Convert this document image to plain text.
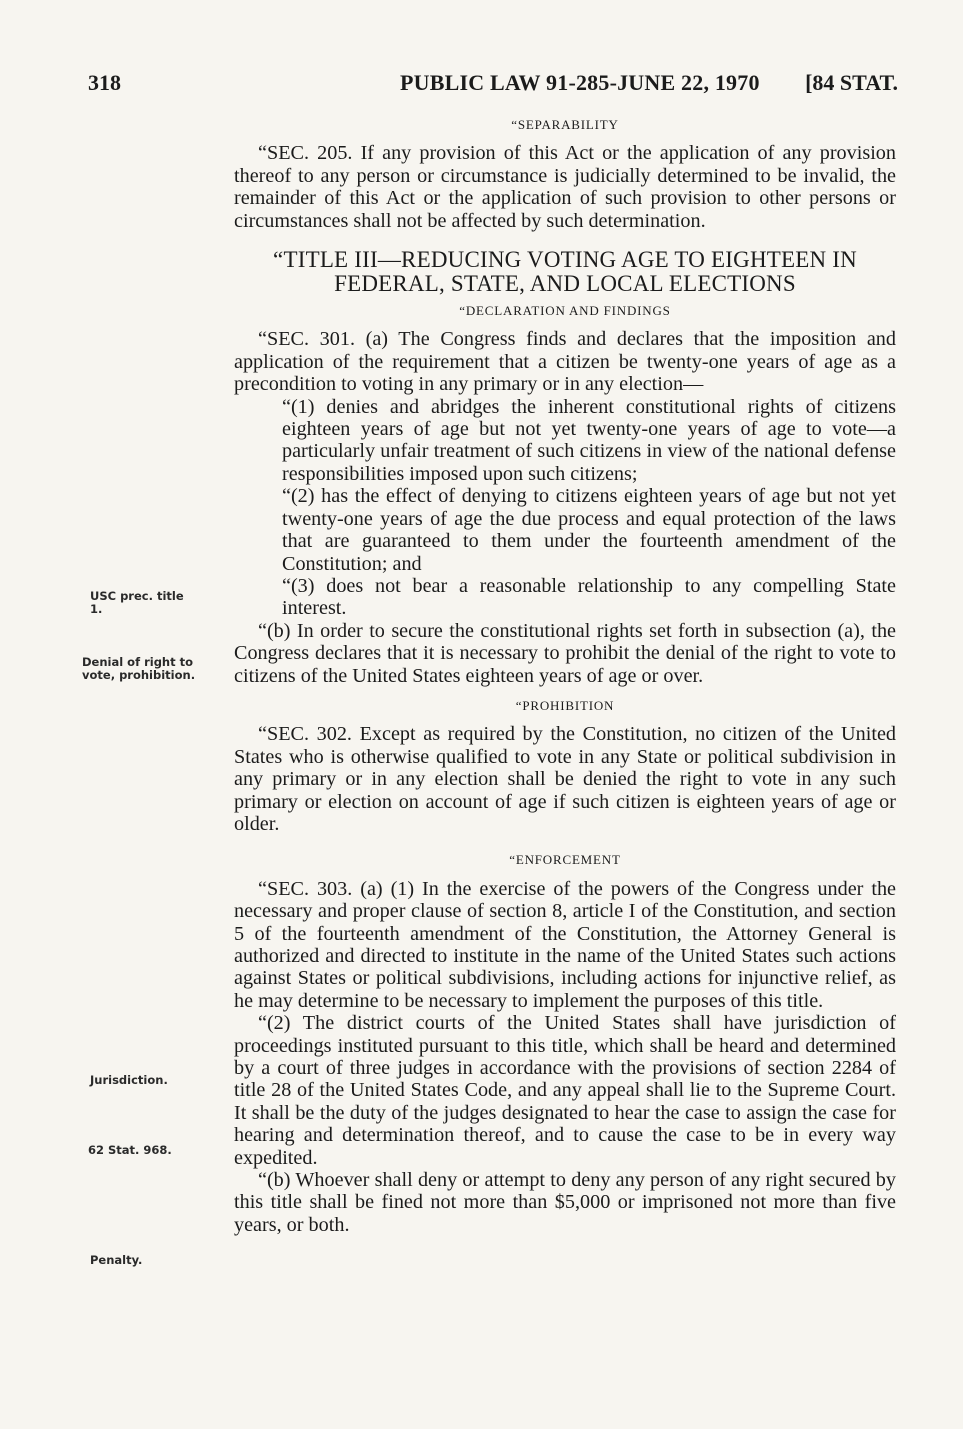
318	PUBLIC LAW 91-285-JUNE 22, 1970 [84 STAT.
“SEPARABILITY

“SEC. 205. If any provision of this Act or the application of any provision thereof to any person or circumstance is judicially determined to be invalid, the remainder of this Act or the application of such provision to other persons or circumstances shall not be affected by such determination.

“TITLE III—REDUCING VOTING AGE TO EIGHTEEN IN
FEDERAL, STATE, AND LOCAL ELECTIONS
“DECLARATION AND FINDINGS

“SEC. 301. (a) The Congress finds and declares that the imposition and application of the requirement that a citizen be twenty-one years of age as a precondition to voting in any primary or in any election—

“(1) denies and abridges the inherent constitutional rights of citizens eighteen years of age but not yet twenty-one years of age to vote—a particularly unfair treatment of such citizens in view of the national defense responsibilities imposed upon such citizens;

“(2) has the effect of denying to citizens eighteen years of age but not yet twenty-one years of age the due process and equal protection of the laws that are guaranteed to them under the fourteenth amendment of the Constitution; and

“(3) does not bear a reasonable relationship to any compelling State interest.

“(b) In order to secure the constitutional rights set forth in subsection (a), the Congress declares that it is necessary to prohibit the denial of the right to vote to citizens of the United States eighteen years of age or over.

“PROHIBITION

“SEC. 302. Except as required by the Constitution, no citizen of the United States who is otherwise qualified to vote in any State or political subdivision in any primary or in any election shall be denied the right to vote in any such primary or election on account of age if such citizen is eighteen years of age or older.

“ENFORCEMENT

“SEC. 303. (a) (1) In the exercise of the powers of the Congress under the necessary and proper clause of section 8, article I of the Constitution, and section 5 of the fourteenth amendment of the Constitution, the Attorney General is authorized and directed to institute in the name of the United States such actions against States or political subdivisions, including actions for injunctive relief, as he may determine to be necessary to implement the purposes of this title.

“(2) The district courts of the United States shall have jurisdiction of proceedings instituted pursuant to this title, which shall be heard and determined by a court of three judges in accordance with the provisions of section 2284 of title 28 of the United States Code, and any appeal shall lie to the Supreme Court. It shall be the duty of the judges designated to hear the case to assign the case for hearing and determination thereof, and to cause the case to be in every way expedited.

“(b) Whoever shall deny or attempt to deny any person of any right secured by this title shall be fined not more than $5,000 or imprisoned not more than five years, or both.

USC prec. title 1.
Denial of right to vote, prohibition.
Jurisdiction.
62 Stat. 968.
Penalty.
